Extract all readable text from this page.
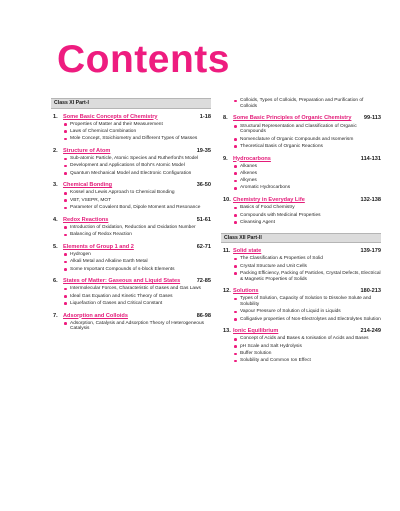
Contents
Class XI Part-I
1. Some Basic Concepts of Chemistry	1-18
Properties of Matter and their Measurement
Laws of Chemical Combination
Mole Concept, Stoichiometry and Different Types of Masses
2. Structure of Atom	19-35
Sub-atomic Particle, Atomic Species and Rutherford's Model
Development and Applications of Bohr's Atomic Model
Quantum Mechanical Model and Electronic Configuration
3. Chemical Bonding	36-50
Kossel and Lewis Approach to Chemical Bonding
VBT, VSEPR, MOT
Parameter of Covalent Bond, Dipole Moment and Resonance
4. Redox Reactions	51-61
Introduction of Oxidation, Reduction and Oxidation Number
Balancing of Redox Reaction
5. Elements of Group 1 and 2	62-71
Hydrogen
Alkali Metal and Alkaline Earth Metal
Some Important Compounds of s-block Elements
6. States of Matter: Gaseous and Liquid States	72-85
Intermolecular Forces, Characteristic of Gases and Gas Laws
Ideal Gas Equation and Kinetic Theory of Gases
Liquefaction of Gases and Critical Constant
7. Adsorption and Colloids	86-98
Adsorption, Catalysis and Adsorption Theory of Heterogeneous Catalysis
Colloids, Types of Colloids, Preparation and Purification of Colloids
8. Some Basic Principles of Organic Chemistry	99-113
Structural Representation and Classification of Organic Compounds
Nomenclature of Organic Compounds and Isomerism
Theoretical Basis of Organic Reactions
9. Hydrocarbons	114-131
Alkanes
Alkenes
Alkynes
Aromatic Hydrocarbons
10. Chemistry in Everyday Life	132-138
Basics of Food Chemistry
Compounds with Medicinal Properties
Cleansing Agent
Class XII Part-II
11. Solid state	139-179
The Classification & Properties of Solid
Crystal Structure and Unit Cells
Packing Efficiency, Packing of Particles, Crystal Defects, Electrical & Magnetic Properties of Solids
12. Solutions	180-213
Types of Solution, Capacity of Solution to Dissolve Solute and Solubility
Vapour Pressure of Solution of Liquid in Liquids
Colligative properties of Non-Electrolytes and Electrolytes Solution
13. Ionic Equilibrium	214-249
Concept of Acids and Bases & Ionisation of Acids and Bases
pH Scale and Salt Hydrolysis
Buffer Solution
Solubility and Common Ion Effect
